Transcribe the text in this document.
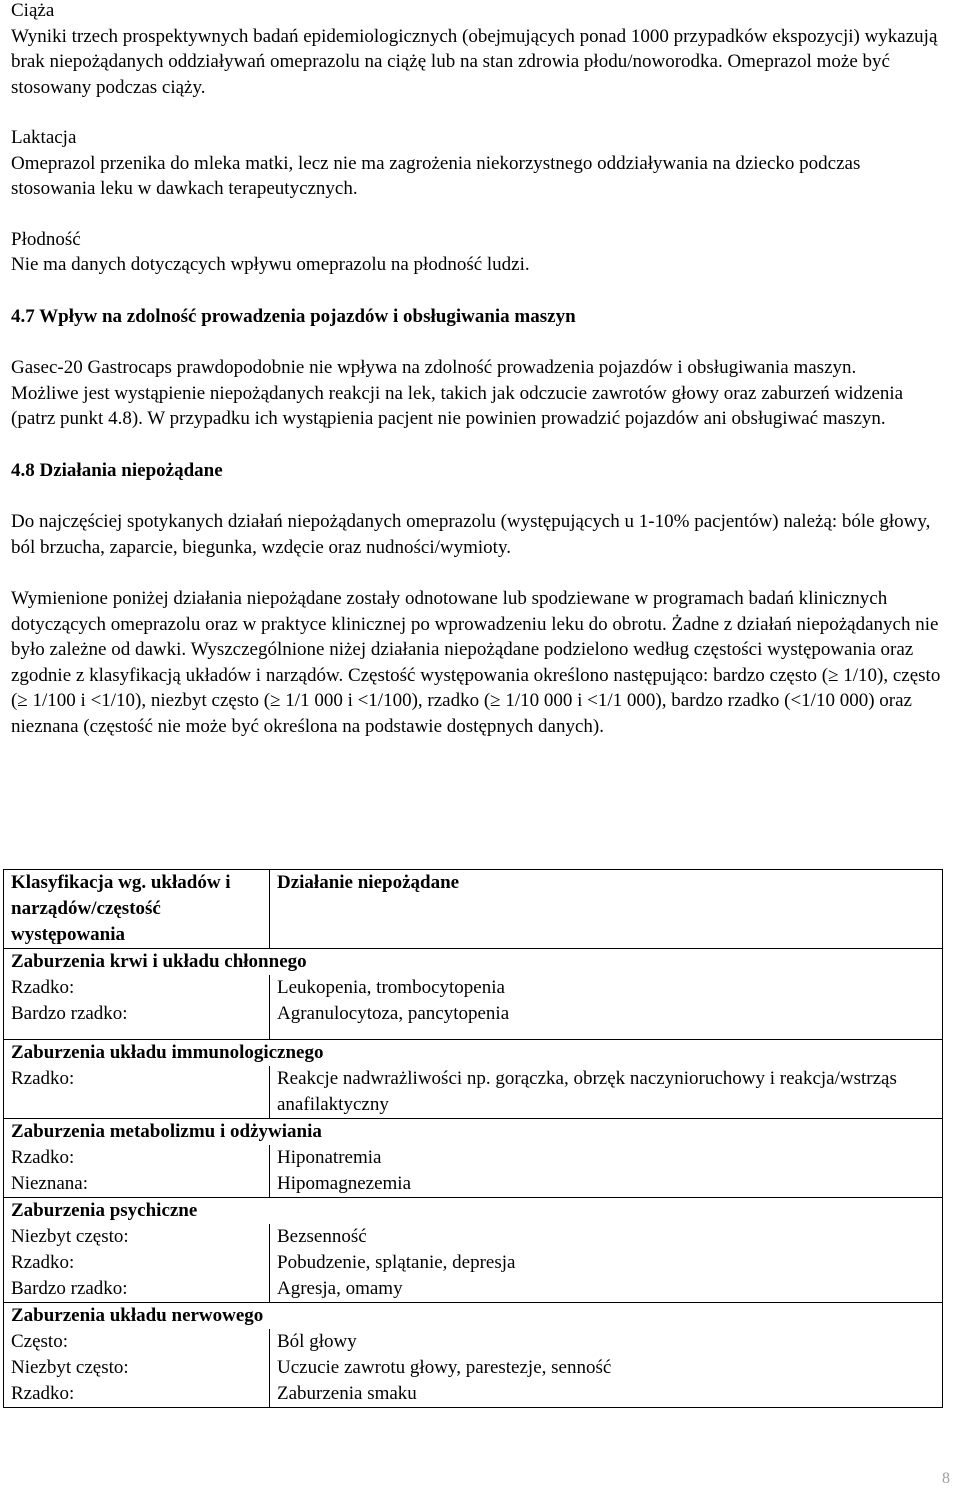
Ciąża

Wyniki trzech prospektywnych badań epidemiologicznych (obejmujących ponad 1000 przypadków ekspozycji) wykazują brak niepożądanych oddziaływań omeprazolu na ciążę lub na stan zdrowia płodu/noworodka. Omeprazol może być stosowany podczas ciąży.

Laktacja

Omeprazol przenika do mleka matki, lecz nie ma zagrożenia niekorzystnego oddziaływania na dziecko podczas stosowania leku w dawkach terapeutycznych.

Płodność

Nie ma danych dotyczących wpływu omeprazolu na płodność ludzi.

4.7 Wpływ na zdolność prowadzenia pojazdów i obsługiwania maszyn

Gasec-20 Gastrocaps prawdopodobnie nie wpływa na zdolność prowadzenia pojazdów i obsługiwania maszyn.

Możliwe jest wystąpienie niepożądanych reakcji na lek, takich jak odczucie zawrotów głowy oraz zaburzeń widzenia (patrz punkt 4.8). W przypadku ich wystąpienia pacjent nie powinien prowadzić pojazdów ani obsługiwać maszyn.

4.8 Działania niepożądane

Do najczęściej spotykanych działań niepożądanych omeprazolu (występujących u 1-10% pacjentów) należą: bóle głowy, ból brzucha, zaparcie, biegunka, wzdęcie oraz nudności/wymioty.

Wymienione poniżej działania niepożądane zostały odnotowane lub spodziewane w programach badań klinicznych dotyczących omeprazolu oraz w praktyce klinicznej po wprowadzeniu leku do obrotu. Żadne z działań niepożądanych nie było zależne od dawki. Wyszczególnione niżej działania niepożądane podzielono według częstości występowania oraz zgodnie z klasyfikacją układów i narządów. Częstość występowania określono następująco: bardzo często (≥ 1/10), często (≥ 1/100 i <1/10), niezbyt często (≥ 1/1 000 i <1/100), rzadko (≥ 1/10 000 i <1/1 000), bardzo rzadko (<1/10 000) oraz nieznana (częstość nie może być określona na podstawie dostępnych danych).

Klasyfikacja wg. układów i narządów/częstość występowania	Działanie niepożądane
Zaburzenia krwi i układu chłonnego	
Rzadko:	Leukopenia, trombocytopenia
Bardzo rzadko:	Agranulocytoza, pancytopenia
Zaburzenia układu immunologicznego	
Rzadko:	Reakcje nadwrażliwości np. gorączka, obrzęk naczynioruchowy i reakcja/wstrząs anafilaktyczny
Zaburzenia metabolizmu i odżywiania	
Rzadko:	Hiponatremia
Nieznana:	Hipomagnezemia
Zaburzenia psychiczne	
Niezbyt często:	Bezsenność
Rzadko:	Pobudzenie, splątanie, depresja
Bardzo rzadko:	Agresja, omamy
Zaburzenia układu nerwowego	
Często:	Ból głowy
Niezbyt często:	Uczucie zawrotu głowy, parestezje, senność
Rzadko:	Zaburzenia smaku
8
